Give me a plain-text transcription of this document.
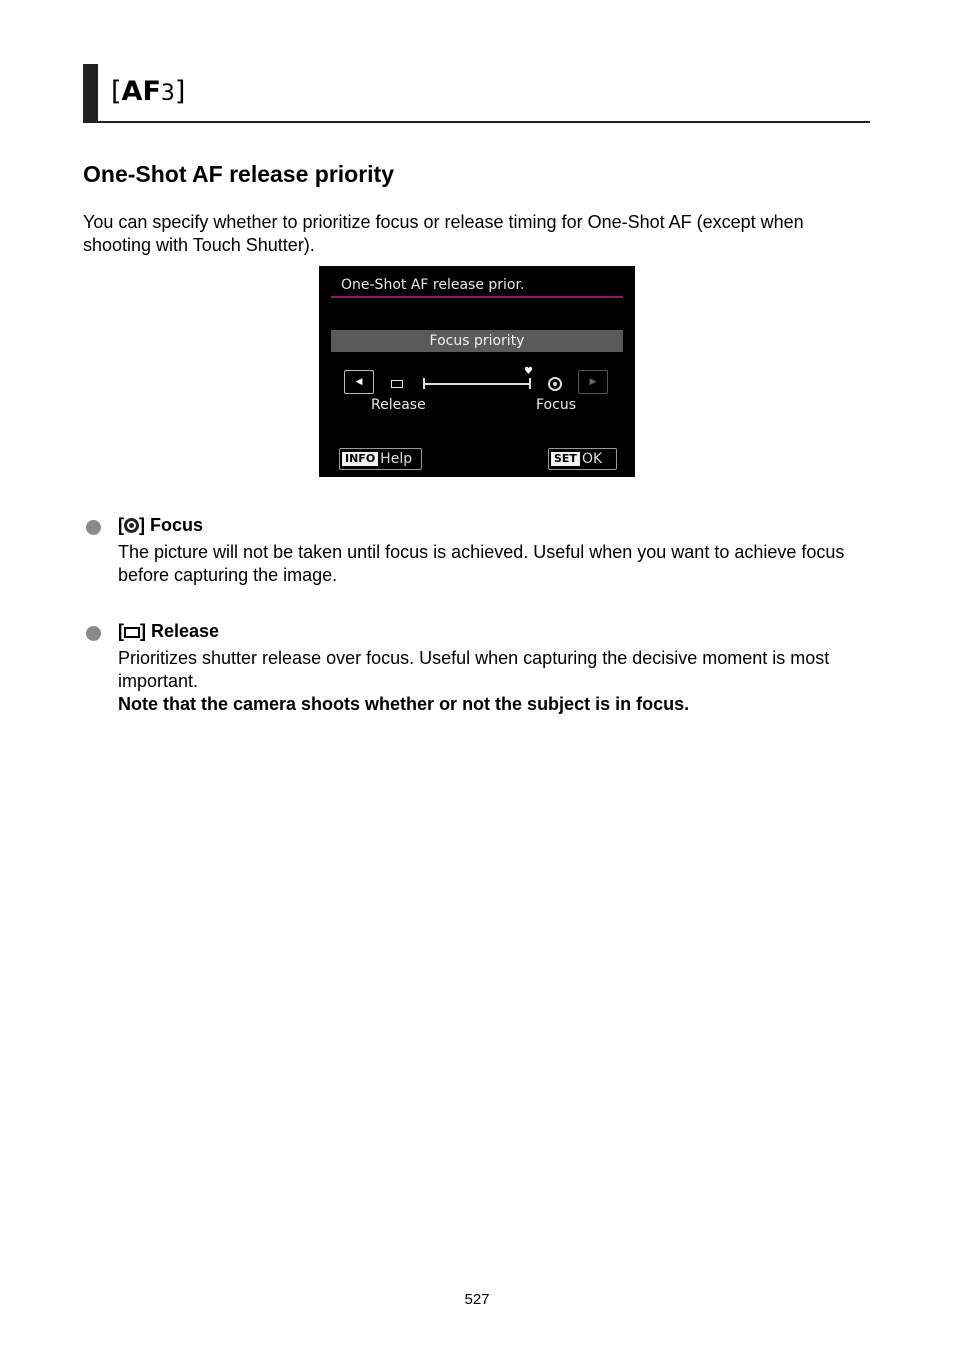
[AF3]
One-Shot AF release priority

You can specify whether to prioritize focus or release timing for One-Shot AF (except when shooting with Touch Shutter).

One-Shot AF release prior.
Focus priority
◀
♥
▶
Release	Focus
INFO Help	SET OK
[ ] Focus

The picture will not be taken until focus is achieved. Useful when you want to achieve focus before capturing the image.

[ ] Release

Prioritizes shutter release over focus. Useful when capturing the decisive moment is most important.

Note that the camera shoots whether or not the subject is in focus.

527
